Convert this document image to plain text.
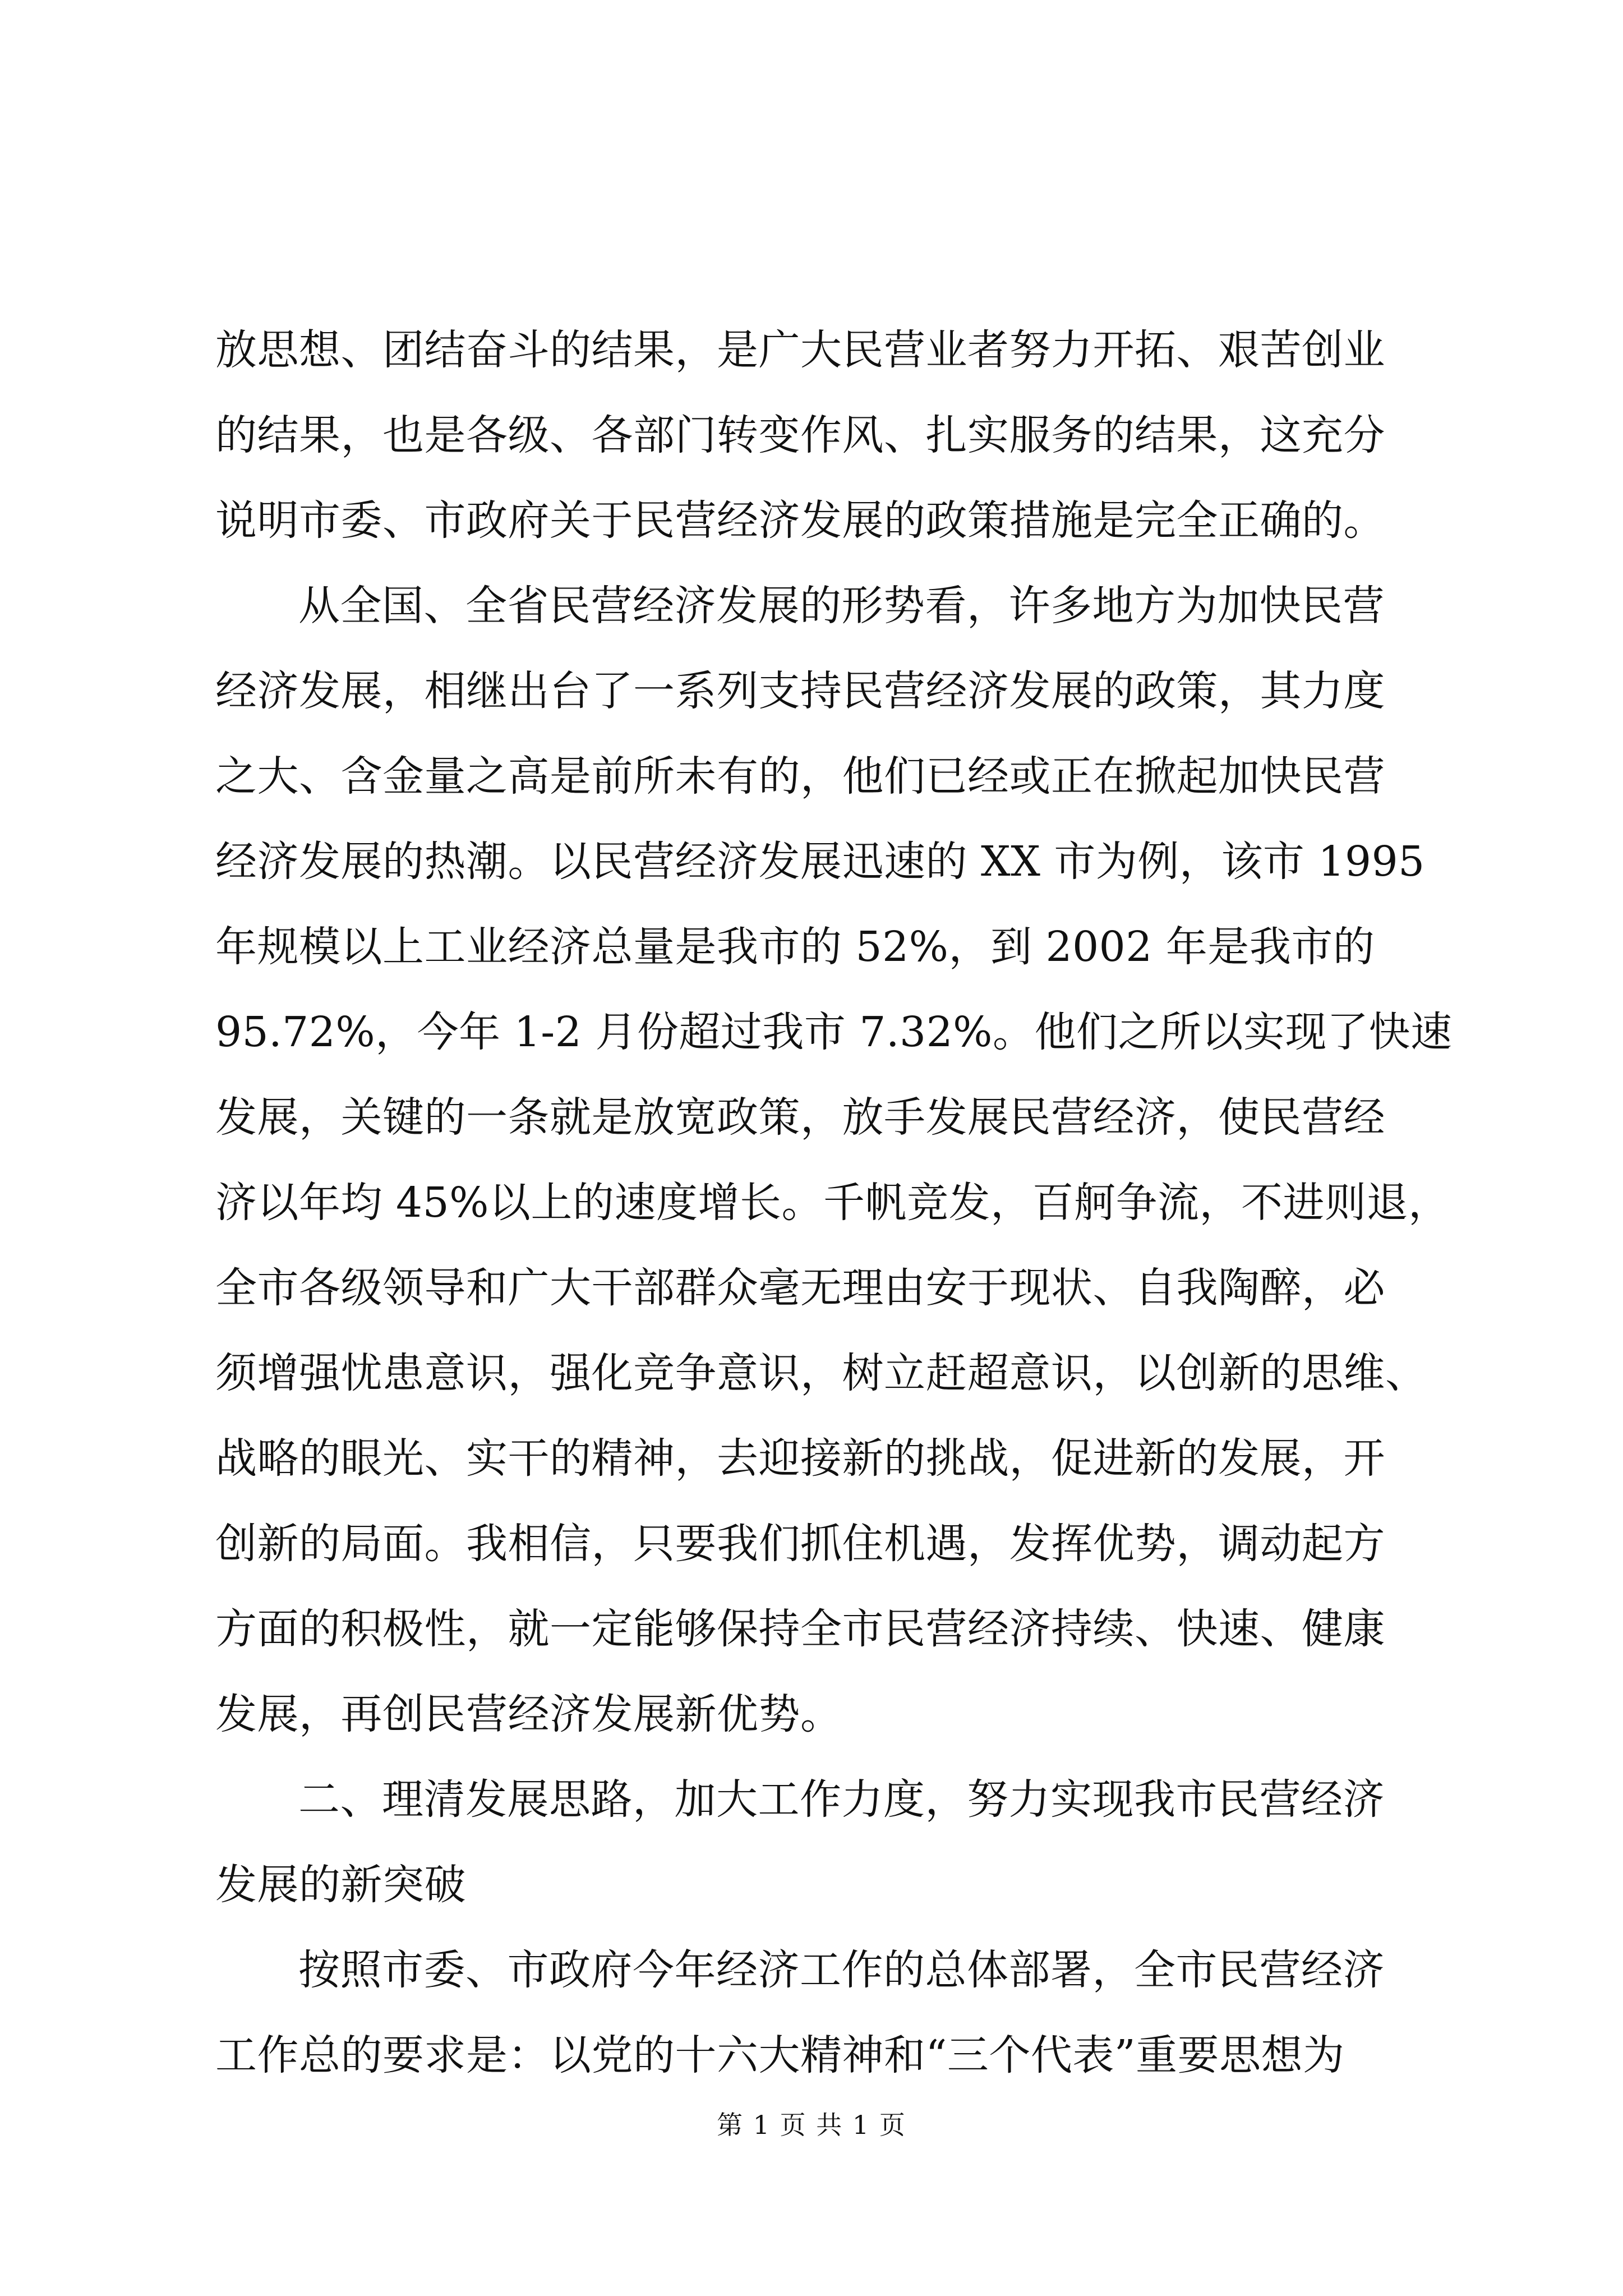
放思想、团结奋斗的结果，是广大民营业者努力开拓、艰苦创业
的结果，也是各级、各部门转变作风、扎实服务的结果，这充分
说明市委、市政府关于民营经济发展的政策措施是完全正确的。
从全国、全省民营经济发展的形势看，许多地方为加快民营
经济发展，相继出台了一系列支持民营经济发展的政策，其力度
之大、含金量之高是前所未有的，他们已经或正在掀起加快民营
经济发展的热潮。以民营经济发展迅速的 XX 市为例，该市 1995
年规模以上工业经济总量是我市的 52%，到 2002 年是我市的
95.72%，今年 1-2 月份超过我市 7.32%。他们之所以实现了快速
发展，关键的一条就是放宽政策，放手发展民营经济，使民营经
济以年均 45%以上的速度增长。千帆竞发，百舸争流，不进则退，
全市各级领导和广大干部群众毫无理由安于现状、自我陶醉，必
须增强忧患意识，强化竞争意识，树立赶超意识，以创新的思维、
战略的眼光、实干的精神，去迎接新的挑战，促进新的发展，开
创新的局面。我相信，只要我们抓住机遇，发挥优势，调动起方
方面的积极性，就一定能够保持全市民营经济持续、快速、健康
发展，再创民营经济发展新优势。
二、理清发展思路，加大工作力度，努力实现我市民营经济
发展的新突破
按照市委、市政府今年经济工作的总体部署，全市民营经济
工作总的要求是：以党的十六大精神和“三个代表”重要思想为
第 1 页 共 1 页
